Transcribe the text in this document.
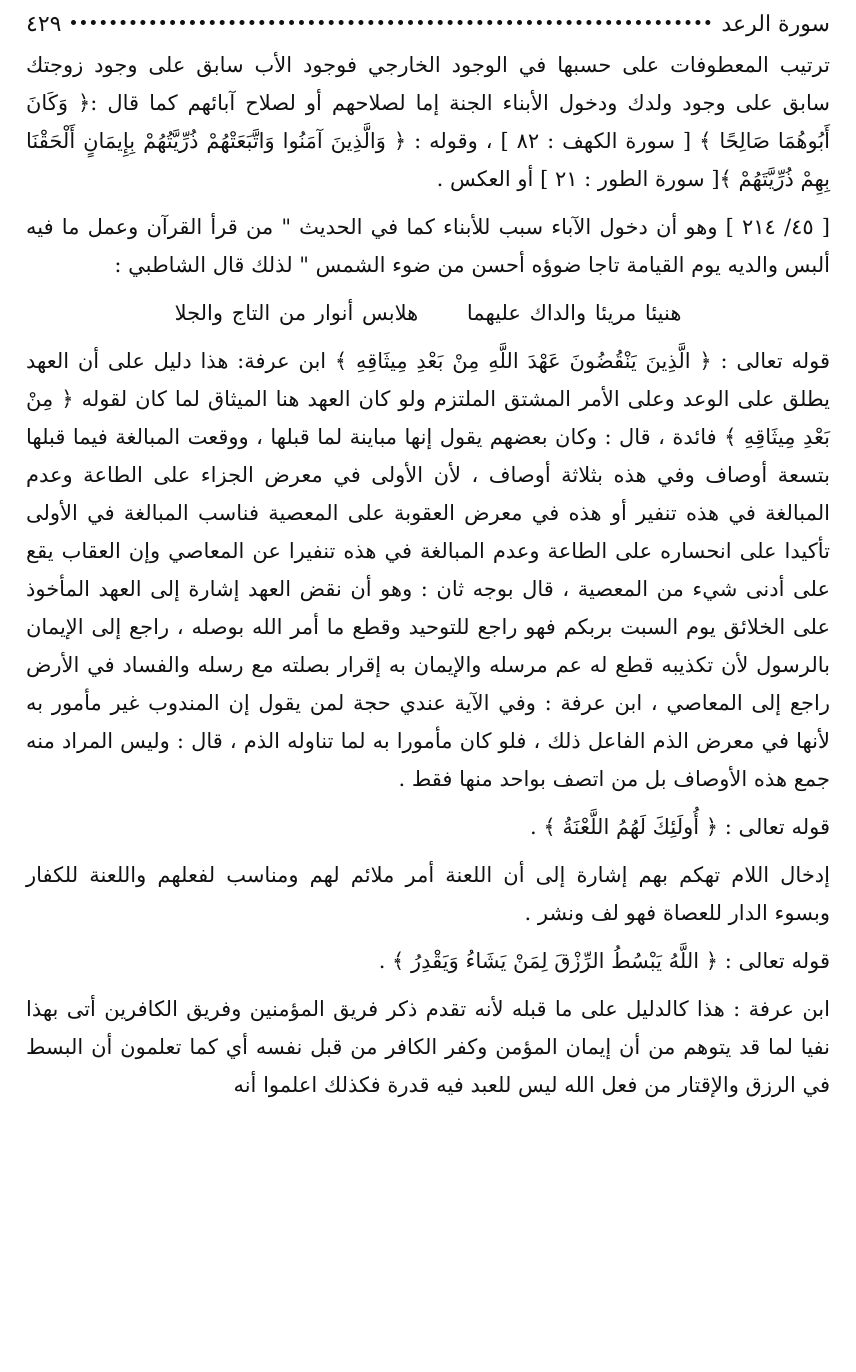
سورة الرعد
٤٢٩

ترتيب المعطوفات على حسبها في الوجود الخارجي فوجود الأب سابق على وجود زوجتك سابق على وجود ولدك ودخول الأبناء الجنة إما لصلاحهم أو لصلاح آبائهم كما قال :﴿ وَكَانَ أَبُوهُمَا صَالِحًا ﴾ [ سورة الكهف : ٨٢ ] ، وقوله : ﴿ وَالَّذِينَ آمَنُوا وَاتَّبَعَتْهُمْ ذُرِّيَّتُهُمْ بِإِيمَانٍ أَلْحَقْنَا بِهِمْ ذُرِّيَّتَهُمْ ﴾[ سورة الطور : ٢١ ] أو العكس .

[ ٤٥/ ٢١٤ ] وهو أن دخول الآباء سبب للأبناء كما في الحديث " من قرأ القرآن وعمل ما فيه ألبس والديه يوم القيامة تاجا ضوؤه أحسن من ضوء الشمس " لذلك قال الشاطبي :

هنيئا مريئا والداك عليهما هلابس أنوار من التاج والجلا

قوله تعالى : ﴿ الَّذِينَ يَنْقُضُونَ عَهْدَ اللَّهِ مِنْ بَعْدِ مِيثَاقِهِ ﴾ ابن عرفة: هذا دليل على أن العهد يطلق على الوعد وعلى الأمر المشتق الملتزم ولو كان العهد هنا الميثاق لما كان لقوله ﴿ مِنْ بَعْدِ مِيثَاقِهِ ﴾ فائدة ، قال : وكان بعضهم يقول إنها مباينة لما قبلها ، ووقعت المبالغة فيما قبلها بتسعة أوصاف وفي هذه بثلاثة أوصاف ، لأن الأولى في معرض الجزاء على الطاعة وعدم المبالغة في هذه تنفير أو هذه في معرض العقوبة على المعصية فناسب المبالغة في الأولى تأكيدا على انحساره على الطاعة وعدم المبالغة في هذه تنفيرا عن المعاصي وإن العقاب يقع على أدنى شيء من المعصية ، قال بوجه ثان : وهو أن نقض العهد إشارة إلى العهد المأخوذ على الخلائق يوم السبت بربكم فهو راجع للتوحيد وقطع ما أمر الله بوصله ، راجع إلى الإيمان بالرسول لأن تكذيبه قطع له عم مرسله والإيمان به إقرار بصلته مع رسله والفساد في الأرض راجع إلى المعاصي ، ابن عرفة : وفي الآية عندي حجة لمن يقول إن المندوب غير مأمور به لأنها في معرض الذم الفاعل ذلك ، فلو كان مأمورا به لما تناوله الذم ، قال : وليس المراد منه جمع هذه الأوصاف بل من اتصف بواحد منها فقط .

قوله تعالى : ﴿ أُولَئِكَ لَهُمُ اللَّعْنَةُ ﴾ .

إدخال اللام تهكم بهم إشارة إلى أن اللعنة أمر ملائم لهم ومناسب لفعلهم واللعنة للكفار وبسوء الدار للعصاة فهو لف ونشر .

قوله تعالى : ﴿ اللَّهُ يَبْسُطُ الرِّزْقَ لِمَنْ يَشَاءُ وَيَقْدِرُ ﴾ .

ابن عرفة : هذا كالدليل على ما قبله لأنه تقدم ذكر فريق المؤمنين وفريق الكافرين أتى بهذا نفيا لما قد يتوهم من أن إيمان المؤمن وكفر الكافر من قبل نفسه أي كما تعلمون أن البسط في الرزق والإقتار من فعل الله ليس للعبد فيه قدرة فكذلك اعلموا أنه
